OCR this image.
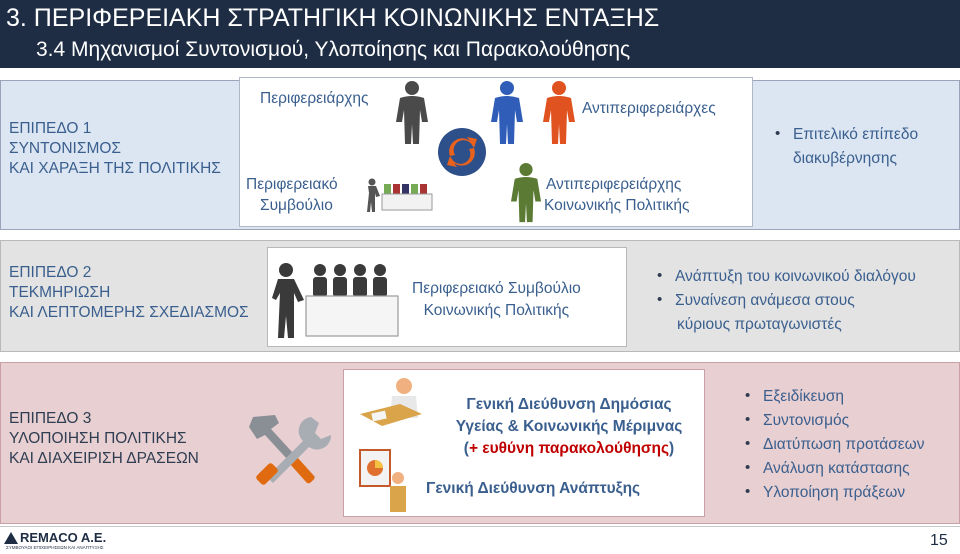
3. ΠΕΡΙΦΕΡΕΙΑΚΗ ΣΤΡΑΤΗΓΙΚΗ ΚΟΙΝΩΝΙΚΗΣ ΕΝΤΑΞΗΣ
3.4 Μηχανισμοί Συντονισμού, Υλοποίησης και Παρακολούθησης
ΕΠΙΠΕΔΟ 1
ΣΥΝΤΟΝΙΣΜΟΣ
ΚΑΙ ΧΑΡΑΞΗ ΤΗΣ ΠΟΛΙΤΙΚΗΣ
Περιφερειάρχης
Αντιπεριφερειάρχες
Περιφερειακό
Συμβούλιο
Αντιπεριφερειάρχης
Κοινωνικής Πολιτικής
• Επιτελικό επίπεδο
διακυβέρνησης
ΕΠΙΠΕΔΟ 2
ΤΕΚΜΗΡΙΩΣΗ
ΚΑΙ ΛΕΠΤΟΜΕΡΗΣ ΣΧΕΔΙΑΣΜΟΣ
Περιφερειακό Συμβούλιο
Κοινωνικής Πολιτικής
• Ανάπτυξη του κοινωνικού διαλόγου
• Συναίνεση ανάμεσα στους
κύριους πρωταγωνιστές
ΕΠΙΠΕΔΟ 3
ΥΛΟΠΟΙΗΣΗ ΠΟΛΙΤΙΚΗΣ
ΚΑΙ ΔΙΑΧΕΙΡΙΣΗ ΔΡΑΣΕΩΝ
Γενική Διεύθυνση Δημόσιας
Υγείας & Κοινωνικής Μέριμνας
(+ ευθύνη παρακολούθησης)
Γενική Διεύθυνση Ανάπτυξης
• Εξειδίκευση
• Συντονισμός
• Διατύπωση προτάσεων
• Ανάλυση κατάστασης
• Υλοποίηση πράξεων
REMACO A.E.
ΣΥΜΒΟΥΛΟΙ ΕΠΙΧΕΙΡΗΣΕΩΝ ΚΑΙ ΑΝΑΠΤΥΞΗΣ	15
